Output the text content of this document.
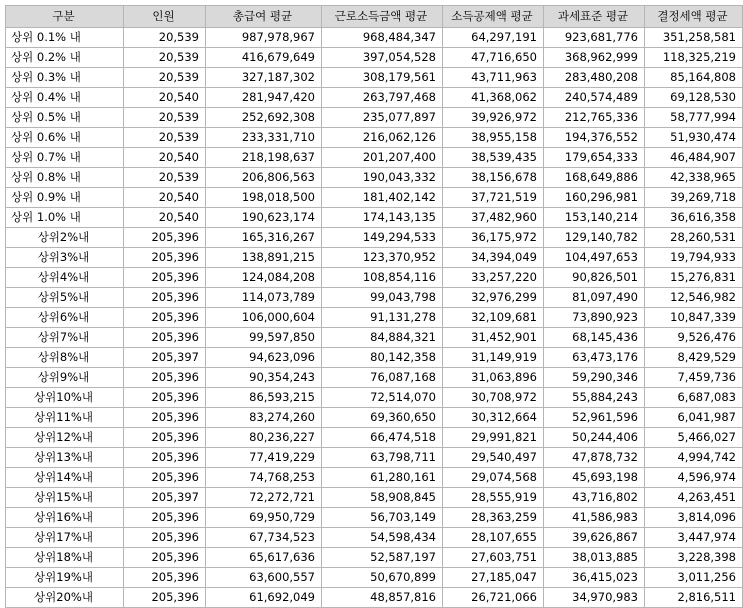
구분	인원	총급여 평균	근로소득금액 평균	소득공제액 평균	과세표준 평균	결정세액 평균
상위 0.1% 내	20,539	987,978,967	968,484,347	64,297,191	923,681,776	351,258,581
상위 0.2% 내	20,539	416,679,649	397,054,528	47,716,650	368,962,999	118,325,219
상위 0.3% 내	20,539	327,187,302	308,179,561	43,711,963	283,480,208	85,164,808
상위 0.4% 내	20,540	281,947,420	263,797,468	41,368,062	240,574,489	69,128,530
상위 0.5% 내	20,539	252,692,308	235,077,897	39,926,972	212,765,336	58,777,994
상위 0.6% 내	20,539	233,331,710	216,062,126	38,955,158	194,376,552	51,930,474
상위 0.7% 내	20,540	218,198,637	201,207,400	38,539,435	179,654,333	46,484,907
상위 0.8% 내	20,539	206,806,563	190,043,332	38,156,678	168,649,886	42,338,965
상위 0.9% 내	20,540	198,018,500	181,402,142	37,721,519	160,296,981	39,269,718
상위 1.0% 내	20,540	190,623,174	174,143,135	37,482,960	153,140,214	36,616,358
상위2%내	205,396	165,316,267	149,294,533	36,175,972	129,140,782	28,260,531
상위3%내	205,396	138,891,215	123,370,952	34,394,049	104,497,653	19,794,933
상위4%내	205,396	124,084,208	108,854,116	33,257,220	90,826,501	15,276,831
상위5%내	205,396	114,073,789	99,043,798	32,976,299	81,097,490	12,546,982
상위6%내	205,396	106,000,604	91,131,278	32,109,681	73,890,923	10,847,339
상위7%내	205,396	99,597,850	84,884,321	31,452,901	68,145,436	9,526,476
상위8%내	205,397	94,623,096	80,142,358	31,149,919	63,473,176	8,429,529
상위9%내	205,396	90,354,243	76,087,168	31,063,896	59,290,346	7,459,736
상위10%내	205,396	86,593,215	72,514,070	30,708,972	55,884,243	6,687,083
상위11%내	205,396	83,274,260	69,360,650	30,312,664	52,961,596	6,041,987
상위12%내	205,396	80,236,227	66,474,518	29,991,821	50,244,406	5,466,027
상위13%내	205,396	77,419,229	63,798,711	29,540,497	47,878,732	4,994,742
상위14%내	205,396	74,768,253	61,280,161	29,074,568	45,693,198	4,596,974
상위15%내	205,397	72,272,721	58,908,845	28,555,919	43,716,802	4,263,451
상위16%내	205,396	69,950,729	56,703,149	28,363,259	41,586,983	3,814,096
상위17%내	205,396	67,734,523	54,598,434	28,107,655	39,626,867	3,447,974
상위18%내	205,396	65,617,636	52,587,197	27,603,751	38,013,885	3,228,398
상위19%내	205,396	63,600,557	50,670,899	27,185,047	36,415,023	3,011,256
상위20%내	205,396	61,692,049	48,857,816	26,721,066	34,970,983	2,816,511
